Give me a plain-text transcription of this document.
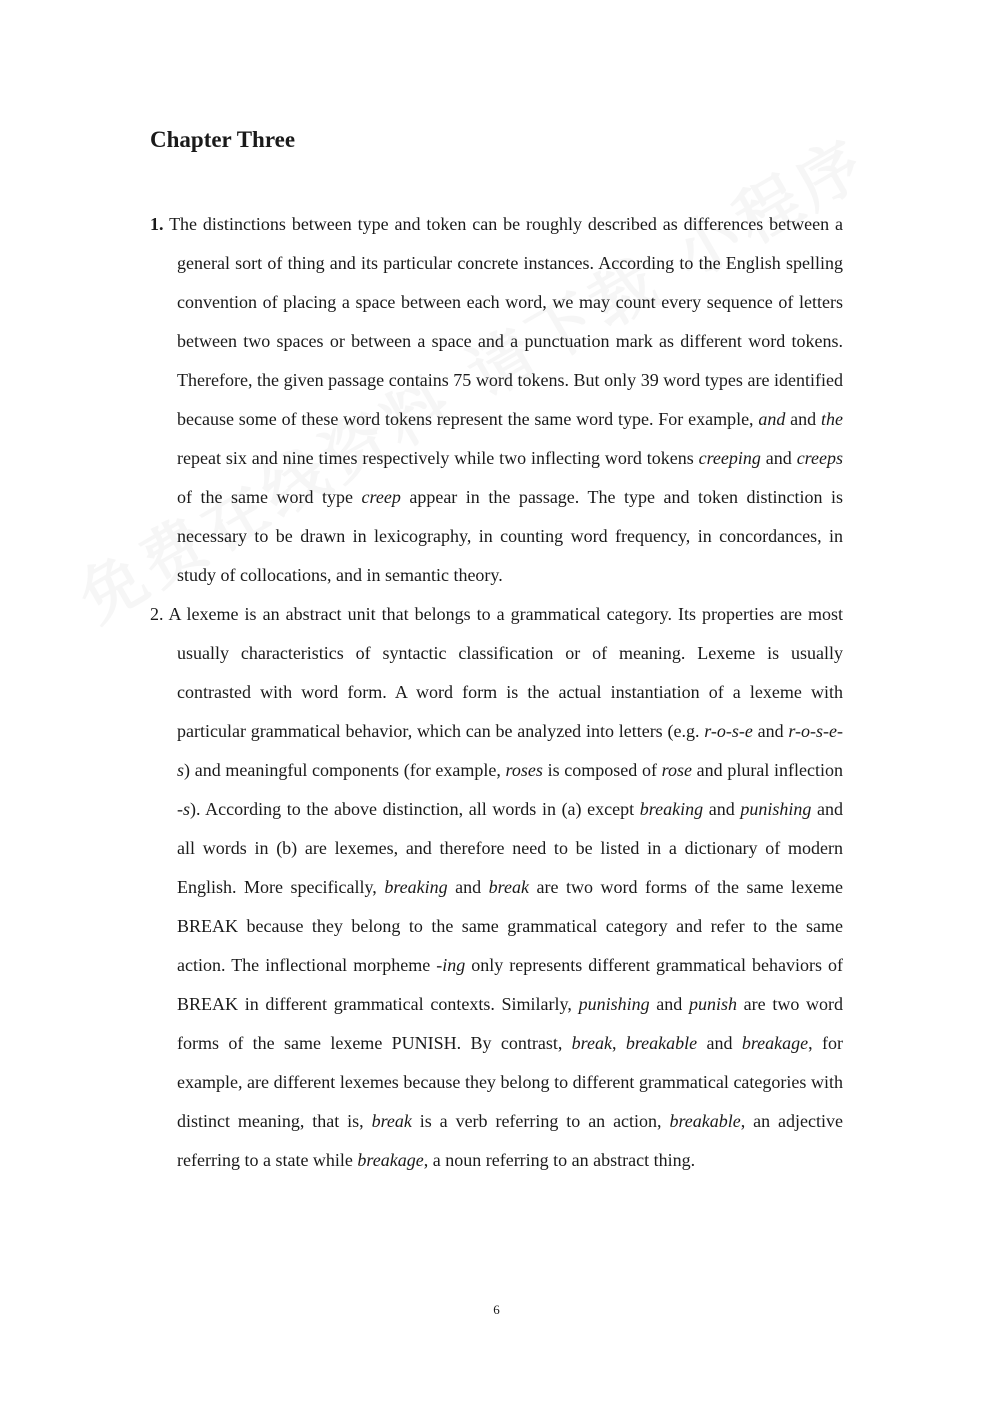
Chapter Three

1. The distinctions between type and token can be roughly described as differences between a general sort of thing and its particular concrete instances. According to the English spelling convention of placing a space between each word, we may count every sequence of letters between two spaces or between a space and a punctuation mark as different word tokens. Therefore, the given passage contains 75 word tokens. But only 39 word types are identified because some of these word tokens represent the same word type. For example, and and the repeat six and nine times respectively while two inflecting word tokens creeping and creeps of the same word type creep appear in the passage. The type and token distinction is necessary to be drawn in lexicography, in counting word frequency, in concordances, in study of collocations, and in semantic theory.

2. A lexeme is an abstract unit that belongs to a grammatical category. Its properties are most usually characteristics of syntactic classification or of meaning. Lexeme is usually contrasted with word form. A word form is the actual instantiation of a lexeme with particular grammatical behavior, which can be analyzed into letters (e.g. r-o-s-e and r-o-s-e-s) and meaningful components (for example, roses is composed of rose and plural inflection -s). According to the above distinction, all words in (a) except breaking and punishing and all words in (b) are lexemes, and therefore need to be listed in a dictionary of modern English. More specifically, breaking and break are two word forms of the same lexeme BREAK because they belong to the same grammatical category and refer to the same action. The inflectional morpheme -ing only represents different grammatical behaviors of BREAK in different grammatical contexts. Similarly, punishing and punish are two word forms of the same lexeme PUNISH. By contrast, break, breakable and breakage, for example, are different lexemes because they belong to different grammatical categories with distinct meaning, that is, break is a verb referring to an action, breakable, an adjective referring to a state while breakage, a noun referring to an abstract thing.

6
